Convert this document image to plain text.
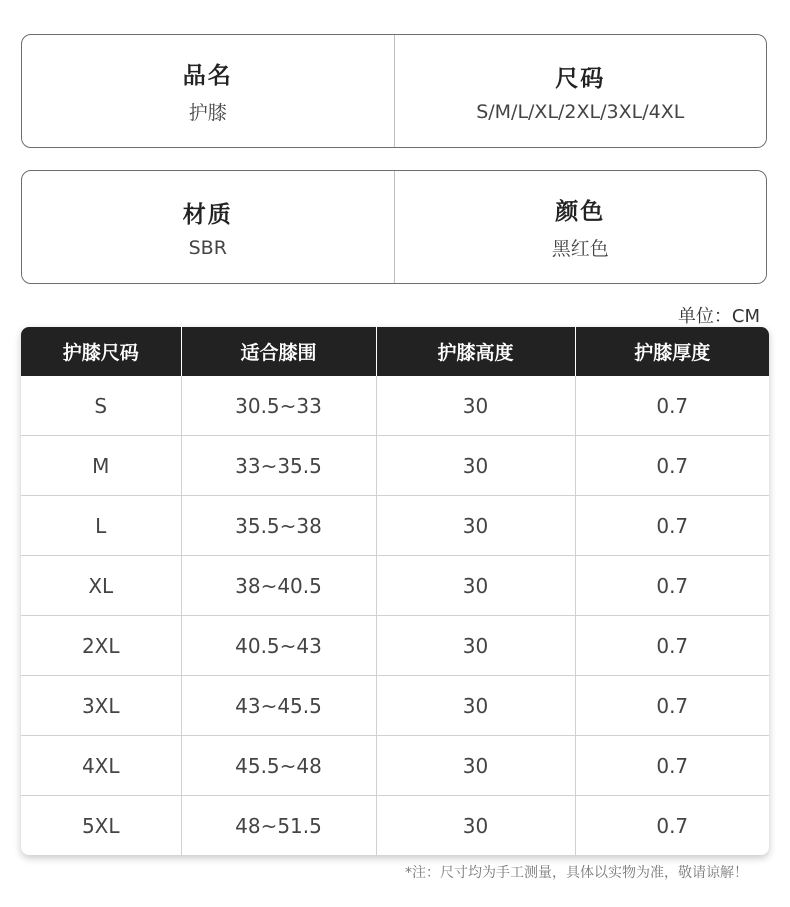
品名
护膝
尺码
S/M/L/XL/2XL/3XL/4XL
材质
SBR
颜色
黑红色
单位：CM
护膝尺码	适合膝围	护膝高度	护膝厚度
S	30.5~33	30	0.7
M	33~35.5	30	0.7
L	35.5~38	30	0.7
XL	38~40.5	30	0.7
2XL	40.5~43	30	0.7
3XL	43~45.5	30	0.7
4XL	45.5~48	30	0.7
5XL	48~51.5	30	0.7
*注：尺寸均为手工测量，具体以实物为准，敬请谅解！
